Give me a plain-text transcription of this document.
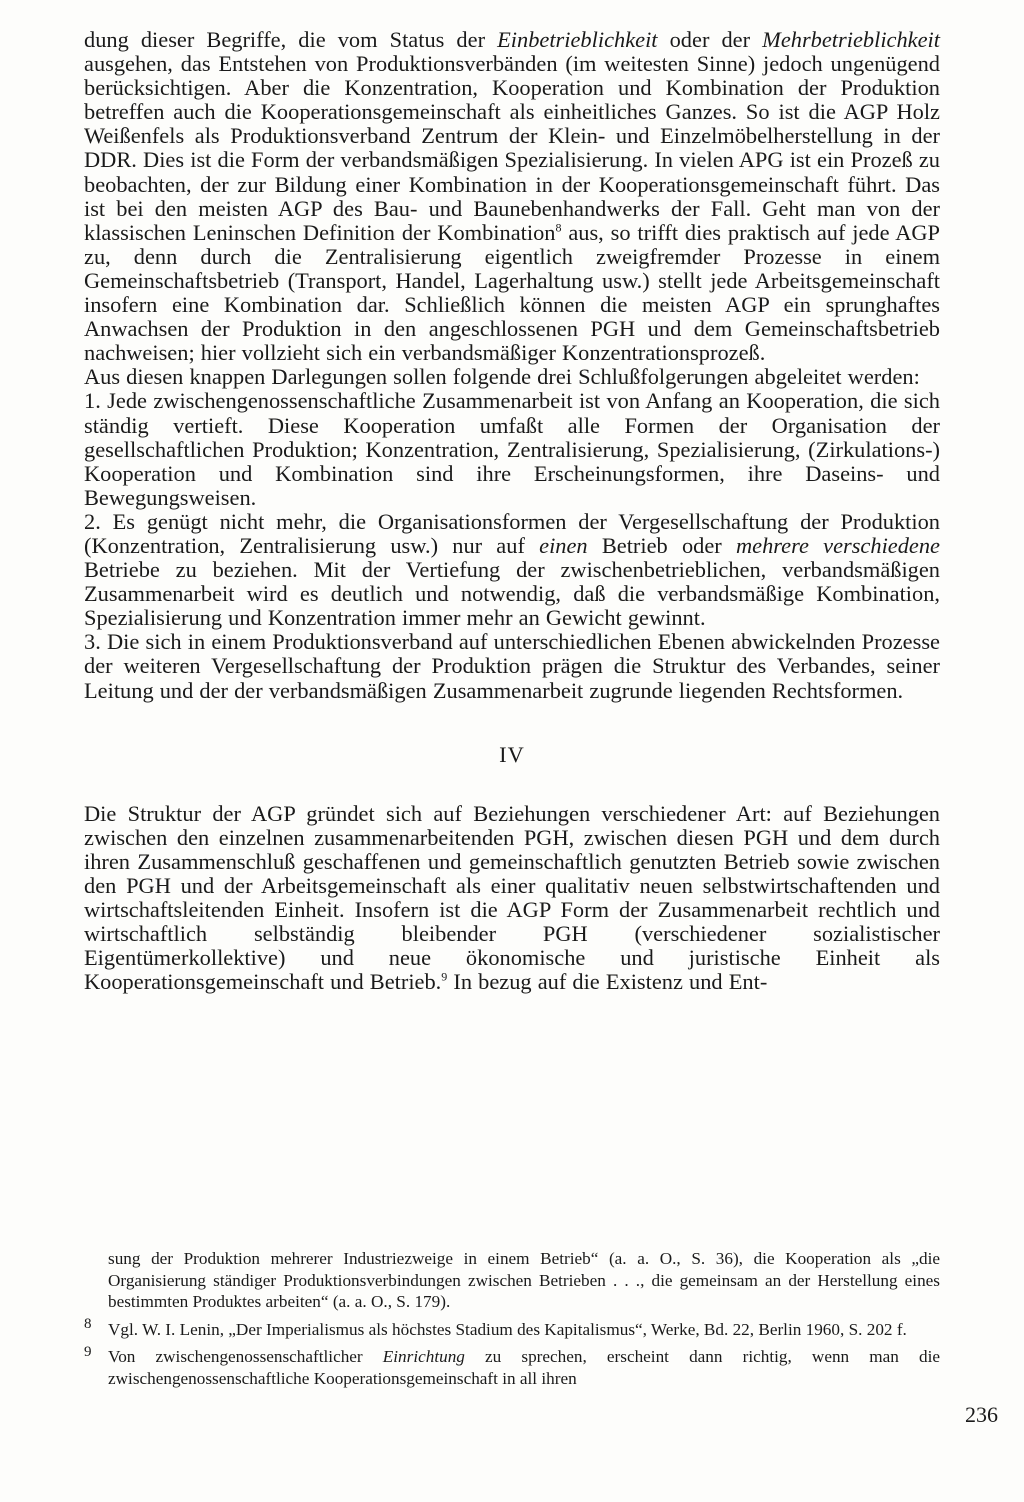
dung dieser Begriffe, die vom Status der Einbetrieblichkeit oder der Mehrbetrieblichkeit ausgehen, das Entstehen von Produktionsverbänden (im weitesten Sinne) jedoch ungenügend berücksichtigen. Aber die Konzentration, Kooperation und Kombination der Produktion betreffen auch die Kooperationsgemeinschaft als einheitliches Ganzes. So ist die AGP Holz Weißenfels als Produktionsverband Zentrum der Klein- und Einzelmöbelherstellung in der DDR. Dies ist die Form der verbandsmäßigen Spezialisierung. In vielen APG ist ein Prozeß zu beobachten, der zur Bildung einer Kombination in der Kooperationsgemeinschaft führt. Das ist bei den meisten AGP des Bau- und Baunebenhandwerks der Fall. Geht man von der klassischen Leninschen Definition der Kombination$^8$ aus, so trifft dies praktisch auf jede AGP zu, denn durch die Zentralisierung eigentlich zweigfremder Prozesse in einem Gemeinschaftsbetrieb (Transport, Handel, Lagerhaltung usw.) stellt jede Arbeitsgemeinschaft insofern eine Kombination dar. Schließlich können die meisten AGP ein sprunghaftes Anwachsen der Produktion in den angeschlossenen PGH und dem Gemeinschaftsbetrieb nachweisen; hier vollzieht sich ein verbandsmäßiger Konzentrationsprozeß.

Aus diesen knappen Darlegungen sollen folgende drei Schlußfolgerungen abgeleitet werden:

1. Jede zwischengenossenschaftliche Zusammenarbeit ist von Anfang an Kooperation, die sich ständig vertieft. Diese Kooperation umfaßt alle Formen der Organisation der gesellschaftlichen Produktion; Konzentration, Zentralisierung, Spezialisierung, (Zirkulations-) Kooperation und Kombination sind ihre Erscheinungsformen, ihre Daseins- und Bewegungsweisen.

2. Es genügt nicht mehr, die Organisationsformen der Vergesellschaftung der Produktion (Konzentration, Zentralisierung usw.) nur auf einen Betrieb oder mehrere verschiedene Betriebe zu beziehen. Mit der Vertiefung der zwischenbetrieblichen, verbandsmäßigen Zusammenarbeit wird es deutlich und notwendig, daß die verbandsmäßige Kombination, Spezialisierung und Konzentration immer mehr an Gewicht gewinnt.

3. Die sich in einem Produktionsverband auf unterschiedlichen Ebenen abwickelnden Prozesse der weiteren Vergesellschaftung der Produktion prägen die Struktur des Verbandes, seiner Leitung und der der verbandsmäßigen Zusammenarbeit zugrunde liegenden Rechtsformen.

IV

Die Struktur der AGP gründet sich auf Beziehungen verschiedener Art: auf Beziehungen zwischen den einzelnen zusammenarbeitenden PGH, zwischen diesen PGH und dem durch ihren Zusammenschluß geschaffenen und gemeinschaftlich genutzten Betrieb sowie zwischen den PGH und der Arbeitsgemeinschaft als einer qualitativ neuen selbstwirtschaftenden und wirtschaftsleitenden Einheit. Insofern ist die AGP Form der Zusammenarbeit rechtlich und wirtschaftlich selbständig bleibender PGH (verschiedener sozialistischer Eigentümerkollektive) und neue ökonomische und juristische Einheit als Kooperationsgemeinschaft und Betrieb.$^9$ In bezug auf die Existenz und Ent-

sung der Produktion mehrerer Industriezweige in einem Betrieb“ (a. a. O., S. 36), die Kooperation als „die Organisierung ständiger Produktionsverbindungen zwischen Betrieben . . ., die gemeinsam an der Herstellung eines bestimmten Produktes arbeiten“ (a. a. O., S. 179).

8 Vgl. W. I. Lenin, „Der Imperialismus als höchstes Stadium des Kapitalismus“, Werke, Bd. 22, Berlin 1960, S. 202 f.

9 Von zwischengenossenschaftlicher Einrichtung zu sprechen, erscheint dann richtig, wenn man die zwischengenossenschaftliche Kooperationsgemeinschaft in all ihren

236
